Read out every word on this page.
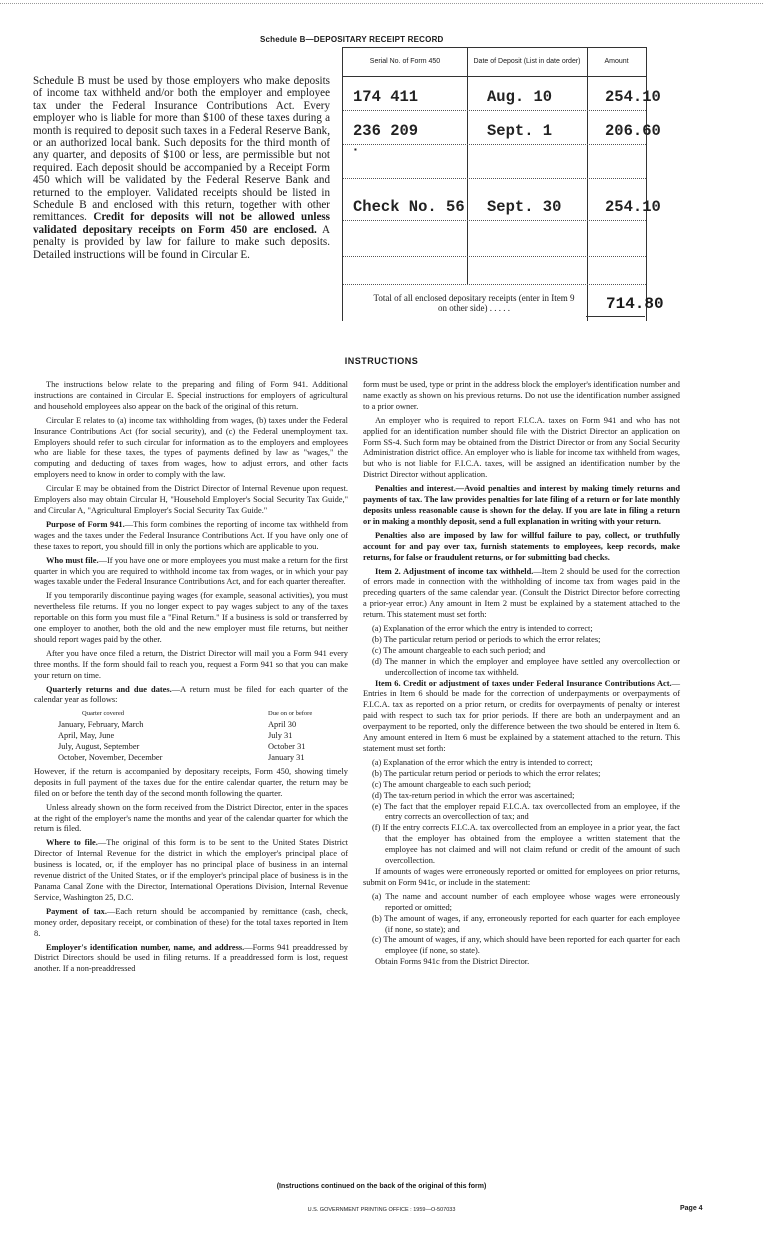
Schedule B—DEPOSITARY RECEIPT RECORD
Schedule B must be used by those employers who make deposits of income tax withheld and/or both the employer and employee tax under the Federal Insurance Contributions Act. Every employer who is liable for more than $100 of these taxes during a month is required to deposit such taxes in a Federal Reserve Bank, or an authorized local bank. Such deposits for the third month of any quarter, and deposits of $100 or less, are permissible but not required. Each deposit should be accompanied by a Receipt Form 450 which will be validated by the Federal Reserve Bank and returned to the employer. Validated receipts should be listed in Schedule B and enclosed with this return, together with other remittances. Credit for deposits will not be allowed unless validated depositary receipts on Form 450 are enclosed. A penalty is provided by law for failure to make such deposits. Detailed instructions will be found in Circular E.
Serial No. of Form 450	Date of Deposit (List in date order)	Amount
174 411	Aug. 10	254.10
236 209	Sept. 1	206.60
Check No. 56 Sept. 30	254.10
▪
Total of all enclosed depositary receipts (enter in Item 9 on other side) . . . . .	714.80
INSTRUCTIONS

The instructions below relate to the preparing and filing of Form 941. Additional instructions are contained in Circular E. Special instructions for employers of agricultural and household employees also appear on the back of the original of this return.

Circular E relates to (a) income tax withholding from wages, (b) taxes under the Federal Insurance Contributions Act (for social security), and (c) the Federal unemployment tax. Employers should refer to such circular for information as to the employers and employees who are liable for these taxes, the types of payments defined by law as "wages," the computing and deducting of taxes from wages, how to adjust errors, and other facts employers need to know in order to comply with the law.

Circular E may be obtained from the District Director of Internal Revenue upon request. Employers also may obtain Circular H, "Household Employer's Social Security Tax Guide," and Circular A, "Agricultural Employer's Social Security Tax Guide."

Purpose of Form 941.—This form combines the reporting of income tax withheld from wages and the taxes under the Federal Insurance Contributions Act. If you have only one of these taxes to report, you should fill in only the portions which are applicable to you.

Who must file.—If you have one or more employees you must make a return for the first quarter in which you are required to withhold income tax from wages, or in which your pay wages taxable under the Federal Insurance Contributions Act, and for each quarter thereafter.

If you temporarily discontinue paying wages (for example, seasonal activities), you must nevertheless file returns. If you no longer expect to pay wages subject to any of the taxes reportable on this form you must file a "Final Return." If a business is sold or transferred by one employer to another, both the old and the new employer must file returns, but neither should report wages paid by the other.

After you have once filed a return, the District Director will mail you a Form 941 every three months. If the form should fail to reach you, request a Form 941 so that you can make your return on time.

Quarterly returns and due dates.—A return must be filed for each quarter of the calendar year as follows:

Quarter covered	Due on or before
January, February, March	April 30
April, May, June	July 31
July, August, September	October 31
October, November, December	January 31

However, if the return is accompanied by depositary receipts, Form 450, showing timely deposits in full payment of the taxes due for the entire calendar quarter, the return may be filed on or before the tenth day of the second month following the quarter.

Unless already shown on the form received from the District Director, enter in the spaces at the right of the employer's name the months and year of the calendar quarter for which the return is filed.

Where to file.—The original of this form is to be sent to the United States District Director of Internal Revenue for the district in which the employer's principal place of business is located, or, if the employer has no principal place of business in an internal revenue district of the United States, or if the employer's principal place of business is in the Panama Canal Zone with the Director, International Operations Division, Internal Revenue Service, Washington 25, D.C.

Payment of tax.—Each return should be accompanied by remittance (cash, check, money order, depositary receipt, or combination of these) for the total taxes reported in Item 8.

Employer's identification number, name, and address.—Forms 941 preaddressed by District Directors should be used in filing returns. If a preaddressed form is lost, request another. If a non-preaddressed

form must be used, type or print in the address block the employer's identification number and name exactly as shown on his previous returns. Do not use the identification number assigned to a prior owner.

An employer who is required to report F.I.C.A. taxes on Form 941 and who has not applied for an identification number should file with the District Director an application on Form SS-4. Such form may be obtained from the District Director or from any Social Security Administration district office. An employer who is liable for income tax withheld from wages, but who is not liable for F.I.C.A. taxes, will be assigned an identification number by the District Director without application.

Penalties and interest.—Avoid penalties and interest by making timely returns and payments of tax. The law provides penalties for late filing of a return or for late monthly deposits unless reasonable cause is shown for the delay. If you are late in filing a return or in making a monthly deposit, send a full explanation in writing with your return.

Penalties also are imposed by law for willful failure to pay, collect, or truthfully account for and pay over tax, furnish statements to employees, keep records, make returns, for false or fraudulent returns, or for submitting bad checks.

Item 2. Adjustment of income tax withheld.—Item 2 should be used for the correction of errors made in connection with the withholding of income tax from wages paid in the preceding quarters of the same calendar year. (Consult the District Director before correcting a prior-year error.) Any amount in Item 2 must be explained by a statement attached to the return. This statement must set forth:

(a) Explanation of the error which the entry is intended to correct;

(b) The particular return period or periods to which the error relates;

(c) The amount chargeable to each such period; and

(d) The manner in which the employer and employee have settled any overcollection or undercollection of income tax withheld.

Item 6. Credit or adjustment of taxes under Federal Insurance Contributions Act.—Entries in Item 6 should be made for the correction of underpayments or overpayments of F.I.C.A. tax as reported on a prior return, or credits for overpayments of penalty or interest paid with respect to such tax for prior periods. If there are both an underpayment and an overpayment to be reported, only the difference between the two should be entered in Item 6. Any amount entered in Item 6 must be explained by a statement attached to the return. This statement must set forth:

(a) Explanation of the error which the entry is intended to correct;

(b) The particular return period or periods to which the error relates;

(c) The amount chargeable to each such period;

(d) The tax-return period in which the error was ascertained;

(e) The fact that the employer repaid F.I.C.A. tax overcollected from an employee, if the entry corrects an overcollection of tax; and

(f) If the entry corrects F.I.C.A. tax overcollected from an employee in a prior year, the fact that the employer has obtained from the employee a written statement that the employee has not claimed and will not claim refund or credit of the amount of such overcollection.

If amounts of wages were erroneously reported or omitted for employees on prior returns, submit on Form 941c, or include in the statement:

(a) The name and account number of each employee whose wages were erroneously reported or omitted;

(b) The amount of wages, if any, erroneously reported for each quarter for each employee (if none, so state); and

(c) The amount of wages, if any, which should have been reported for each quarter for each employee (if none, so state).

Obtain Forms 941c from the District Director.

(Instructions continued on the back of the original of this form)
U.S. GOVERNMENT PRINTING OFFICE : 1959—O-507033	Page 4
